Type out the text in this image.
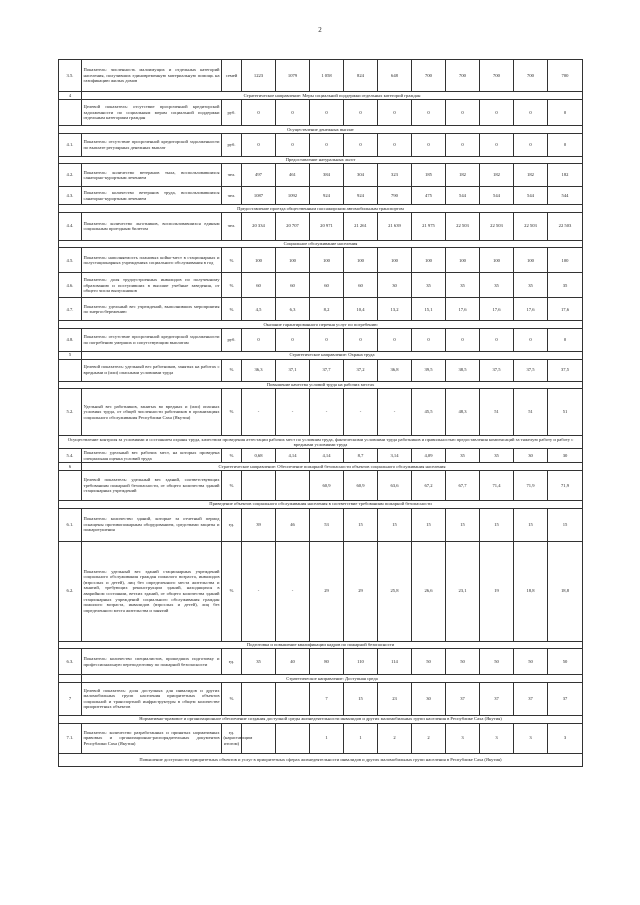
2
3.5.	Показатель: численность малоимущих и отдельных категорий населения, получивших единовременную материальную помощь на газификацию жилых домов	семей	1223	1079	1 058	824	648	700	700	700	700	700
4	Стратегическое направление: Меры социальной поддержки отдельных категорий граждан											
	Целевой показатель: отсутствие просроченной кредиторской задолженности по социальным мерам социальной поддержки отдельным категориям граждан	руб.	0	0	0	0	0	0	0	0	0	0
Осуществление денежных выплат												
4.1.	Показатель: отсутствие просроченной кредиторской задолженности по выплате регулярных денежных выплат	руб.	0	0	0	0	0	0	0	0	0	0
Предоставление натуральных льгот												
4.2.	Показатель: количество ветеранов тыла, воспользовавшихся санаторно-курортным лечением	чел.	497	461	384	304	323	185	182	182	182	182
4.3.	Показатель: количество ветеранов труда, воспользовавшихся санаторно-курортным лечением	чел.	1087	1092	924	924	790	475	544	544	544	544
Предоставление проезда общественным пассажирским автомобильным транспортом												
4.4.	Показатель: количество льготников, воспользовавшихся единым социальным проездным билетом	чел.	20 334	20 707	20 971	21 261	21 639	21 975	22 503	22 503	22 503	22 503
Социальное обслуживание населения												
4.5.	Показатель: наполняемость плановых койко-мест в стационарных и полустационарных учреждениях социального обслуживания в год	%	100	100	100	100	100	100	100	100	100	100
4.6.	Показатель: доля трудоустроенных инвалидов по полученному образованию и поступивших в высшие учебные заведения, от общего числа выпускников	%	60	60	60	60	30	35	35	35	35	35
4.7.	Показатель: удельный вес учреждений, выполнивших мероприятия по энергосбережению	%	4,5	6,3	8,2	10,4	13,2	15,1	17,6	17,6	17,6	17,6
Оказание гарантированного перечня услуг по погребению												
4.8.	Показатель: отсутствие просроченной кредиторской задолженности по погребению умерших и сопутствующим выплатам	руб.	0	0	0	0	0	0	0	0	0	0
5	Стратегическое направление: Охрана труда											
	Целевой показатель: удельный вес работников, занятых на работах с вредными и (или) опасными условиями труда	%	36,3	37,1	37,7	37,2	36,8	39,5	38,5	37,5	37,5	37,5
Повышение качества условий труда на рабочих местах												
5.2.	Удельный вес работников, занятых во вредных и (или) опасных условиях труда, от общей численности работников в организациях социального обслуживания Республики Саха (Якутия)	%	-	-	-	-	-	45,5	48,3	51	51	51
Осуществление контроля за условиями и состоянием охраны труда, качеством проведения аттестации рабочих мест по условиям труда, фактическими условиями труда работников и правильностью предоставления компенсаций за тяжелую работу и работу с вредными условиями труда												
5.4.	Показатель: удельный вес рабочих мест, на которых проведена специальная оценка условий труда	%	0,68	4,14	4,14	8,7	3,14	4,09	35	35	30	30
6	Стратегическое направление: Обеспечение пожарной безопасности объектов социального обслуживания населения											
	Целевой показатель: удельный вес зданий, соответствующих требованиям пожарной безопасности, от общего количества зданий стационарных учреждений	%			60,9	60,9	63,6	67,2	67,7	71,4	71,9	71,9
Приведение объектов социального обслуживания населения в соответствие требованиям пожарной безопасности												
6.1.	Показатель: количество зданий, которые за отчетный период оснащены противопожарным оборудованием, средствами защиты и пожаротушения	ед.	39	46	53	15	15	15	15	15	15	15
6.2.	Показатель: удельный вес зданий стационарных учреждений социального обслуживания граждан пожилого возраста, инвалидов (взрослых и детей), лиц без определенного места жительства и занятий, требующих реконструкции зданий, находящихся в аварийном состоянии, ветхих зданий, от общего количества зданий стационарных учреждений социального обслуживания граждан пожилого возраста, инвалидов (взрослых и детей), лиц без определенного места жительства и занятий	%	-	-	29	29	25,8	26,6	23,1	19	18,8	18,8
Подготовка и повышение квалификации кадров по пожарной безопасности												
6.3.	Показатель: количество специалистов, прошедших подготовку и профессиональную переподготовку по пожарной безопасности	ед.	35	40	80	110	114	50	50	50	50	50
	Стратегическое направление: Доступная среда											
7	Целевой показатель: доля доступных для инвалидов и других маломобильных групп населения приоритетных объектов социальной и транспортной инфраструктуры в общем количестве приоритетных объектов	%			7	15	23	30	37	37	37	37
Нормативно-правовое и организационное обеспечение создания доступной среды жизнедеятельности инвалидов и других маломобильных групп населения в Республике Саха (Якутия)												
7.1.	Показатель: количество разработанных и принятых нормативных правовых и организационно-распорядительных документов Республики Саха (Якутия)	ед. (нарастающим итогом)			1	1	2	2	3	3	3	3
Повышение доступности приоритетных объектов и услуг в приоритетных сферах жизнедеятельности инвалидов и других маломобильных групп населения в Республике Саха (Якутия)												
